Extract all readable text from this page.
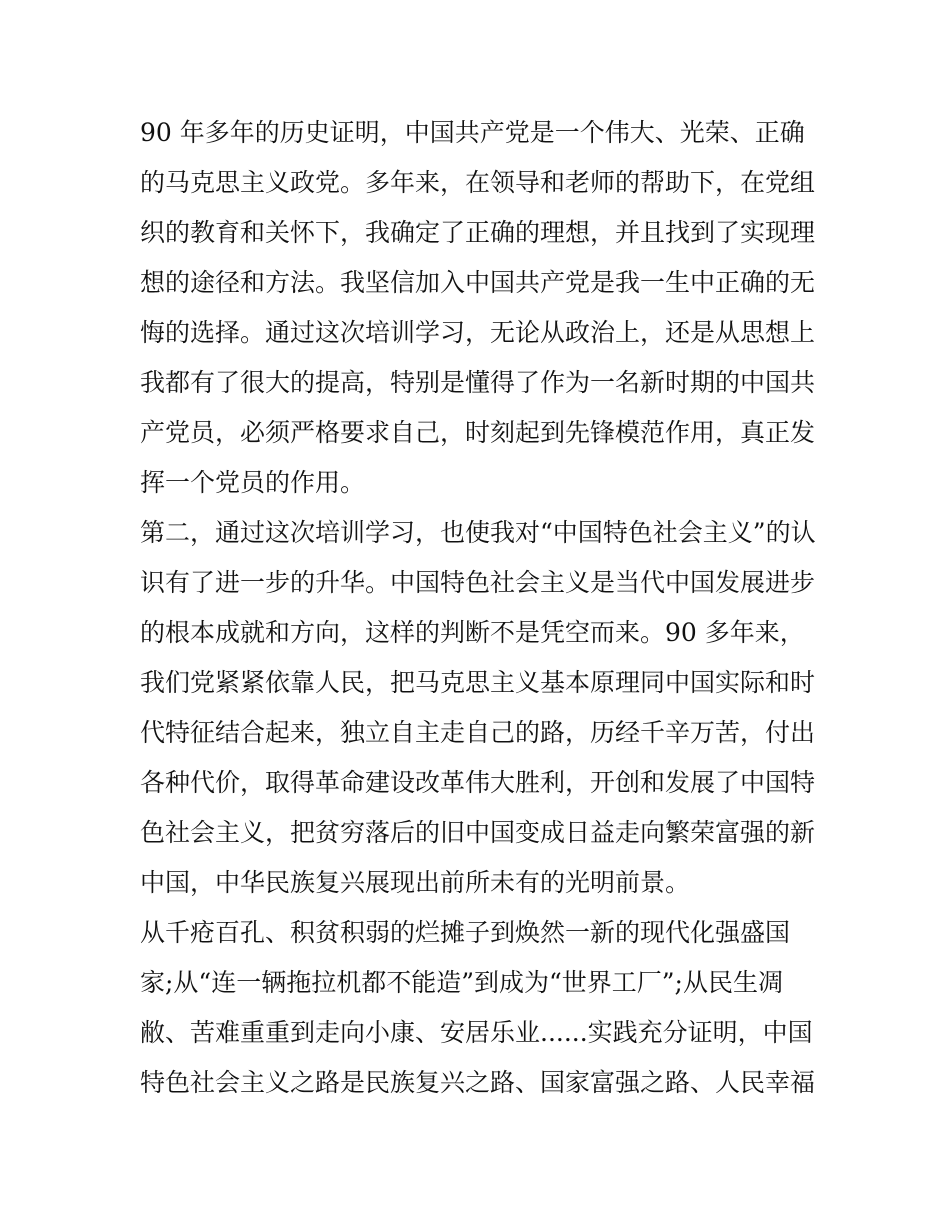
90 年多年的历史证明，中国共产党是一个伟大、光荣、正确
的马克思主义政党。多年来，在领导和老师的帮助下，在党组
织的教育和关怀下，我确定了正确的理想，并且找到了实现理
想的途径和方法。我坚信加入中国共产党是我一生中正确的无
悔的选择。通过这次培训学习，无论从政治上，还是从思想上
我都有了很大的提高，特别是懂得了作为一名新时期的中国共
产党员，必须严格要求自己，时刻起到先锋模范作用，真正发
挥一个党员的作用。
第二，通过这次培训学习，也使我对“中国特色社会主义”的认
识有了进一步的升华。中国特色社会主义是当代中国发展进步
的根本成就和方向，这样的判断不是凭空而来。90 多年来，
我们党紧紧依靠人民，把马克思主义基本原理同中国实际和时
代特征结合起来，独立自主走自己的路，历经千辛万苦，付出
各种代价，取得革命建设改革伟大胜利，开创和发展了中国特
色社会主义，把贫穷落后的旧中国变成日益走向繁荣富强的新
中国，中华民族复兴展现出前所未有的光明前景。
从千疮百孔、积贫积弱的烂摊子到焕然一新的现代化强盛国
家;从“连一辆拖拉机都不能造”到成为“世界工厂”;从民生凋
敝、苦难重重到走向小康、安居乐业......实践充分证明，中国
特色社会主义之路是民族复兴之路、国家富强之路、人民幸福
